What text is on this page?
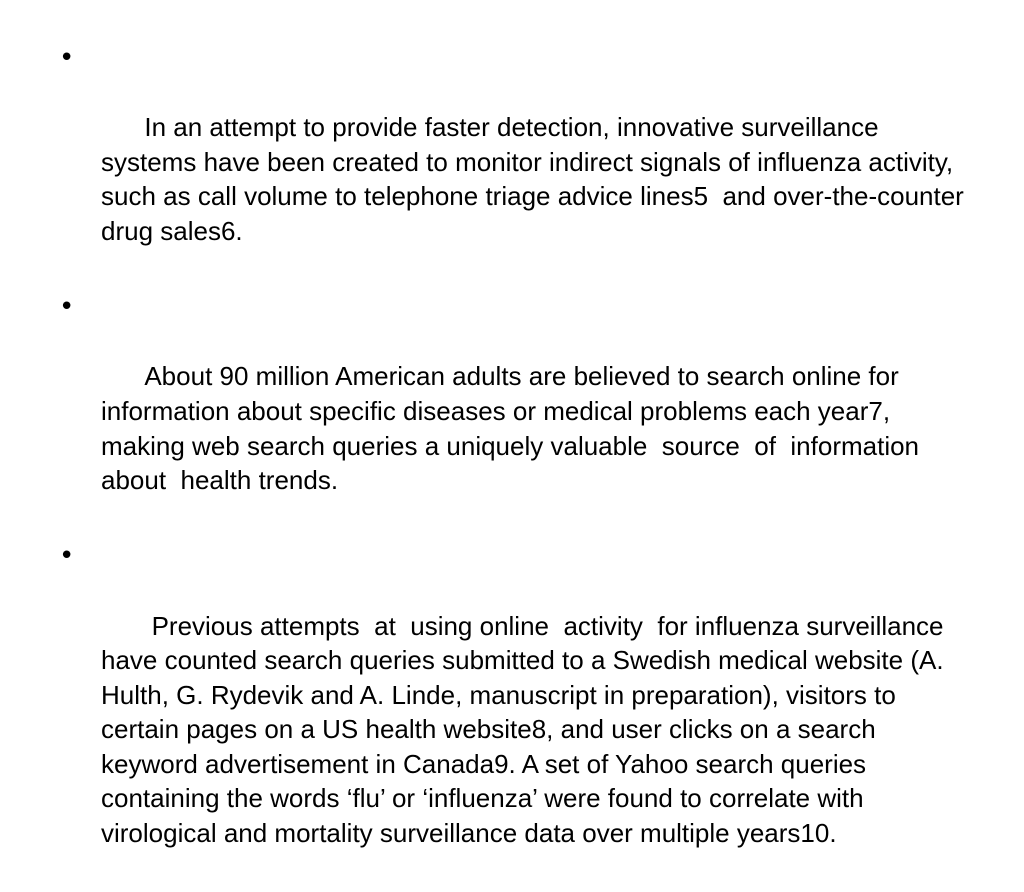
•

In an attempt to provide faster detection, innovative surveillance systems have been created to monitor indirect signals of influenza activity, such as call volume to telephone triage advice lines5  and over-the-counter drug sales6.

•

About 90 million American adults are believed to search online for information about specific diseases or medical problems each year7, making web search queries a uniquely valuable  source  of  information  about  health trends.

•

Previous attempts  at  using online  activity  for influenza surveillance  have counted search queries submitted to a Swedish medical website (A. Hulth, G. Rydevik and A. Linde, manuscript in preparation), visitors to certain pages on a US health website8, and user clicks on a search keyword advertisement in Canada9. A set of Yahoo search queries containing the words ‘flu’ or ‘influenza’ were found to correlate with virological and mortality surveillance data over multiple years10.
